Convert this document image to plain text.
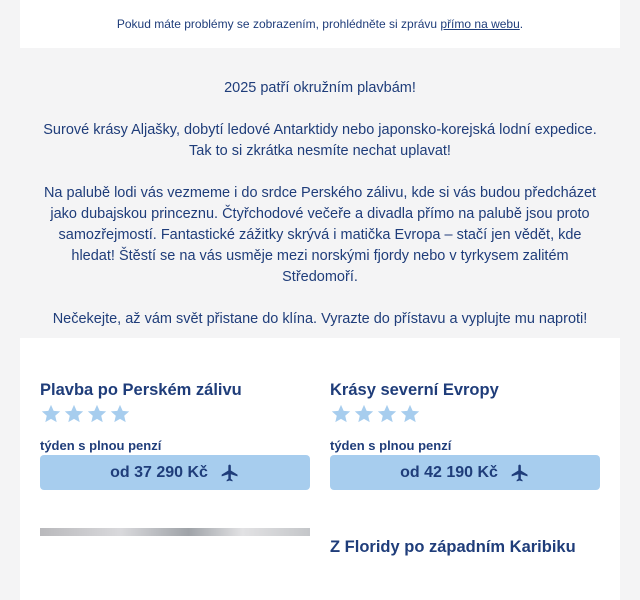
Pokud máte problémy se zobrazením, prohlédněte si zprávu přímo na webu.

2025 patří okružním plavbám!

Surové krásy Aljašky, dobytí ledové Antarktidy nebo japonsko-korejská lodní expedice. Tak to si zkrátka nesmíte nechat uplavat!

Na palubě lodi vás vezmeme i do srdce Perského zálivu, kde si vás budou předcházet jako dubajskou princeznu. Čtyřchodové večeře a divadla přímo na palubě jsou proto samozřejmostí. Fantastické zážitky skrývá i matička Evropa – stačí jen vědět, kde hledat! Štěstí se na vás usměje mezi norskými fjordy nebo v tyrkysem zalitém Středomoří.

Nečekejte, až vám svět přistane do klína. Vyrazte do přístavu a vyplujte mu naproti!

Plavba po Perském zálivu
týden s plnou penzí
od 37 290 Kč
Krásy severní Evropy
týden s plnou penzí
od 42 190 Kč
Z Floridy po západním Karibiku
